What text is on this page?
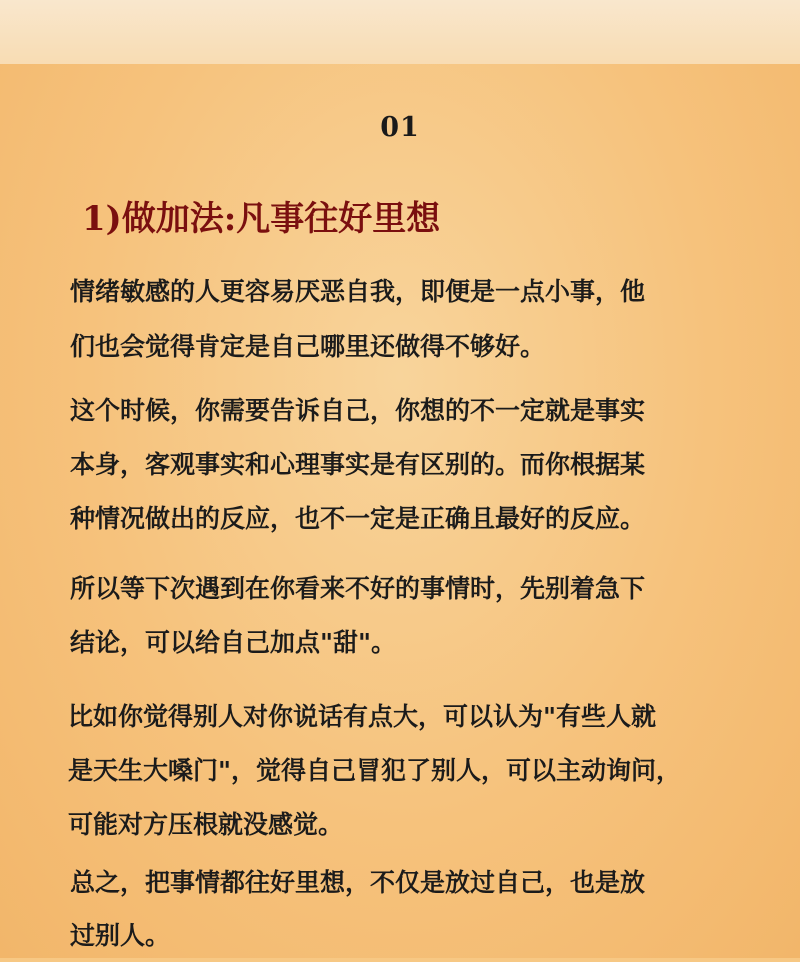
01
1)做加法:凡事往好里想
情绪敏感的人更容易厌恶自我，即便是一点小事，他
们也会觉得肯定是自己哪里还做得不够好。
这个时候，你需要告诉自己，你想的不一定就是事实
本身，客观事实和心理事实是有区别的。而你根据某
种情况做出的反应，也不一定是正确且最好的反应。
所以等下次遇到在你看来不好的事情时，先别着急下
结论，可以给自己加点"甜"。
比如你觉得别人对你说话有点大，可以认为"有些人就
是天生大嗓门"，觉得自己冒犯了别人，可以主动询问，
可能对方压根就没感觉。
总之，把事情都往好里想，不仅是放过自己，也是放
过别人。
